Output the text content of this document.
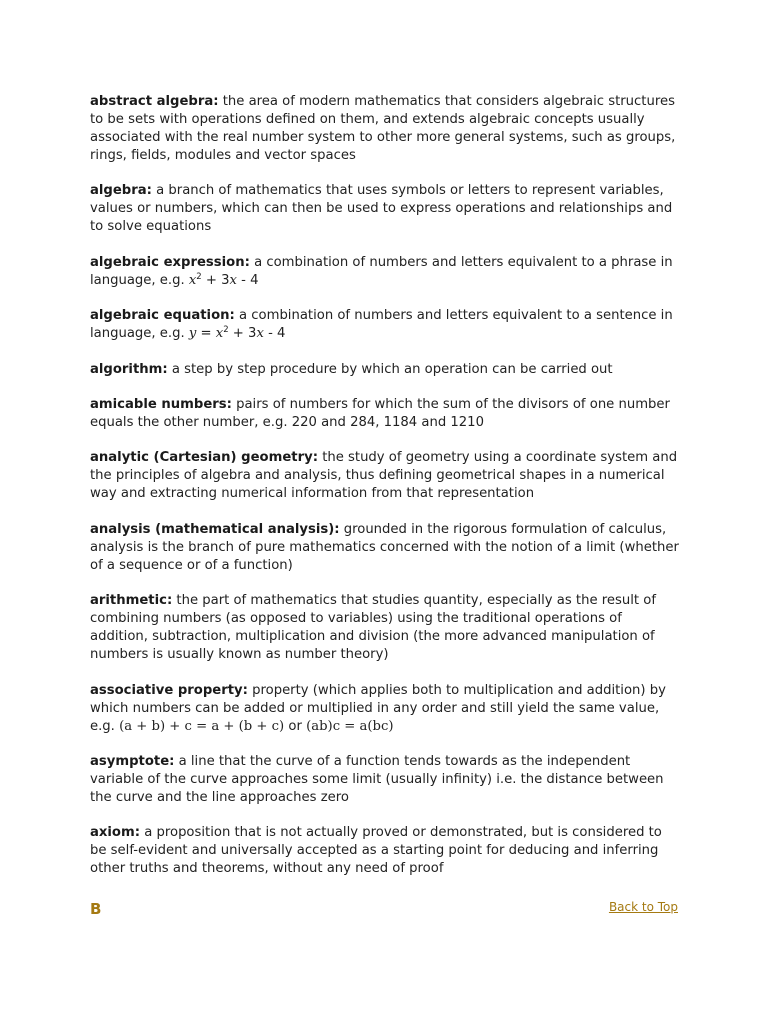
abstract algebra: the area of modern mathematics that considers algebraic structures to be sets with operations defined on them, and extends algebraic concepts usually associated with the real number system to other more general systems, such as groups, rings, fields, modules and vector spaces

algebra: a branch of mathematics that uses symbols or letters to represent variables, values or numbers, which can then be used to express operations and relationships and to solve equations

algebraic expression: a combination of numbers and letters equivalent to a phrase in language, e.g. $x^2 + 3x - 4$

algebraic equation: a combination of numbers and letters equivalent to a sentence in language, e.g. $y = x^2 + 3x - 4$

algorithm: a step by step procedure by which an operation can be carried out

amicable numbers: pairs of numbers for which the sum of the divisors of one number equals the other number, e.g. 220 and 284, 1184 and 1210

analytic (Cartesian) geometry: the study of geometry using a coordinate system and the principles of algebra and analysis, thus defining geometrical shapes in a numerical way and extracting numerical information from that representation

analysis (mathematical analysis): grounded in the rigorous formulation of calculus, analysis is the branch of pure mathematics concerned with the notion of a limit (whether of a sequence or of a function)

arithmetic: the part of mathematics that studies quantity, especially as the result of combining numbers (as opposed to variables) using the traditional operations of addition, subtraction, multiplication and division (the more advanced manipulation of numbers is usually known as number theory)

associative property: property (which applies both to multiplication and addition) by which numbers can be added or multiplied in any order and still yield the same value, e.g. (a + b) + c = a + (b + c) or (ab)c = a(bc)

asymptote: a line that the curve of a function tends towards as the independent variable of the curve approaches some limit (usually infinity) i.e. the distance between the curve and the line approaches zero

axiom: a proposition that is not actually proved or demonstrated, but is considered to be self-evident and universally accepted as a starting point for deducing and inferring other truths and theorems, without any need of proof

B	Back to Top
